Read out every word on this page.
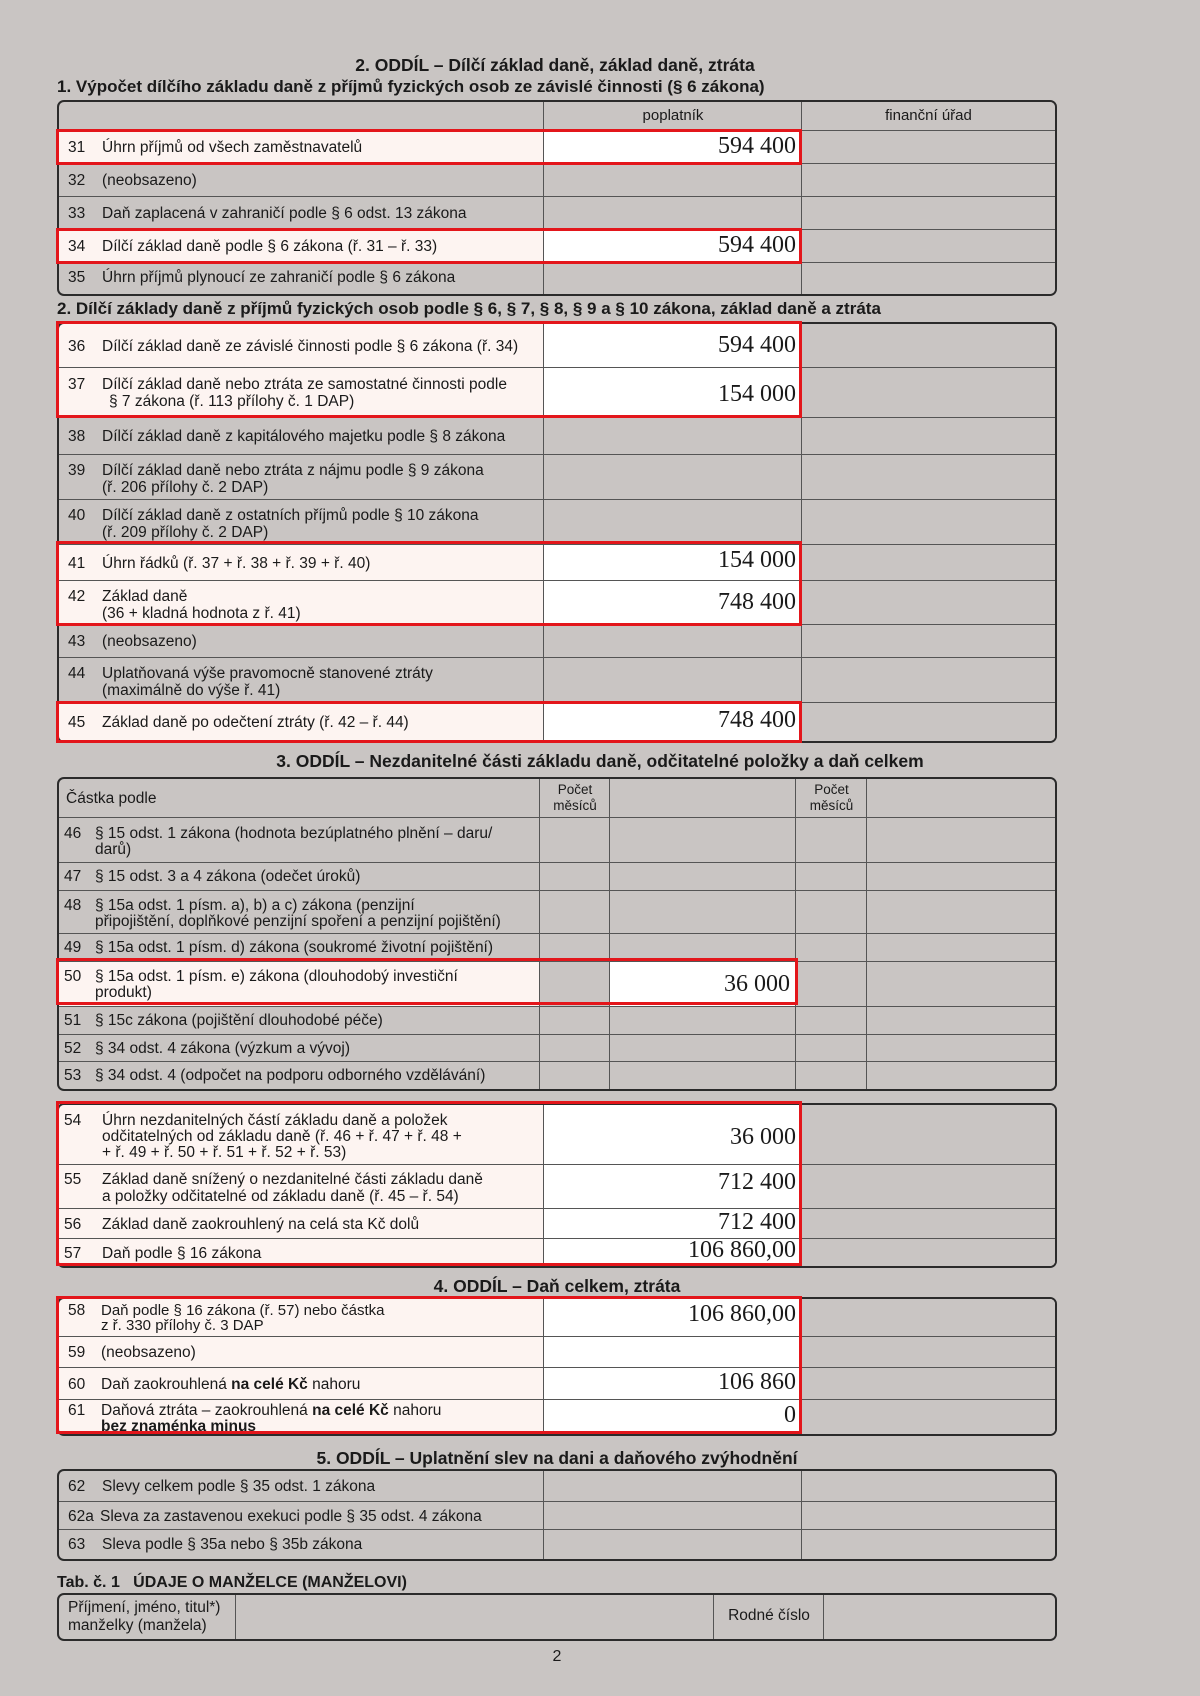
2. ODDÍL – Dílčí základ daně, základ daně, ztráta
1. Výpočet dílčího základu daně z příjmů fyzických osob ze závislé činnosti (§ 6 zákona)
poplatník	finanční úřad
31 Úhrn příjmů od všech zaměstnavatelů	594 400
32 (neobsazeno)
33 Daň zaplacená v zahraničí podle § 6 odst. 13 zákona
34 Dílčí základ daně podle § 6 zákona (ř. 31 – ř. 33)	594 400
35 Úhrn příjmů plynoucí ze zahraničí podle § 6 zákona
2. Dílčí základy daně z příjmů fyzických osob podle § 6, § 7, § 8, § 9 a § 10 zákona, základ daně a ztráta
36 Dílčí základ daně ze závislé činnosti podle § 6 zákona (ř. 34)	594 400
37 Dílčí základ daně nebo ztráta ze samostatné činnosti podle
§ 7 zákona (ř. 113 přílohy č. 1 DAP)	154 000
38 Dílčí základ daně z kapitálového majetku podle § 8 zákona
39 Dílčí základ daně nebo ztráta z nájmu podle § 9 zákona
(ř. 206 přílohy č. 2 DAP)
40 Dílčí základ daně z ostatních příjmů podle § 10 zákona
(ř. 209 přílohy č. 2 DAP)
41 Úhrn řádků (ř. 37 + ř. 38 + ř. 39 + ř. 40)	154 000
42 Základ daně
(36 + kladná hodnota z ř. 41)	748 400
43 (neobsazeno)
44 Uplatňovaná výše pravomocně stanovené ztráty
(maximálně do výše ř. 41)
45 Základ daně po odečtení ztráty (ř. 42 – ř. 44)	748 400
3. ODDÍL – Nezdanitelné části základu daně, odčitatelné položky a daň celkem
Částka podle
Počet
měsíců
Počet
měsíců
46 § 15 odst. 1 zákona (hodnota bezúplatného plnění – daru/
darů)
47 § 15 odst. 3 a 4 zákona (odečet úroků)
48 § 15a odst. 1 písm. a), b) a c) zákona (penzijní
připojištění, doplňkové penzijní spoření a penzijní pojištění)
49 § 15a odst. 1 písm. d) zákona (soukromé životní pojištění)
50 § 15a odst. 1 písm. e) zákona (dlouhodobý investiční
produkt)	36 000
51 § 15c zákona (pojištění dlouhodobé péče)
52 § 34 odst. 4 zákona (výzkum a vývoj)
53 § 34 odst. 4 (odpočet na podporu odborného vzdělávání)
54 Úhrn nezdanitelných částí základu daně a položek
odčitatelných od základu daně (ř. 46 + ř. 47 + ř. 48 +
+ ř. 49 + ř. 50 + ř. 51 + ř. 52 + ř. 53)
36 000
55 Základ daně snížený o nezdanitelné části základu daně
a položky odčitatelné od základu daně (ř. 45 – ř. 54)
712 400
56 Základ daně zaokrouhlený na celá sta Kč dolů	712 400
57 Daň podle § 16 zákona	106 860,00
4. ODDÍL – Daň celkem, ztráta
58 Daň podle § 16 zákona (ř. 57) nebo částka
z ř. 330 přílohy č. 3 DAP	106 860,00
59 (neobsazeno)
60 Daň zaokrouhlená na celé Kč nahoru	106 860
61 Daňová ztráta – zaokrouhlená na celé Kč nahoru
bez znaménka minus	0
5. ODDÍL – Uplatnění slev na dani a daňového zvýhodnění
62 Slevy celkem podle § 35 odst. 1 zákona
62a Sleva za zastavenou exekuci podle § 35 odst. 4 zákona
63 Sleva podle § 35a nebo § 35b zákona
Tab. č. 1   ÚDAJE O MANŽELCE (MANŽELOVI)
Příjmení, jméno, titul*)
manželky (manžela)
Rodné číslo
2
